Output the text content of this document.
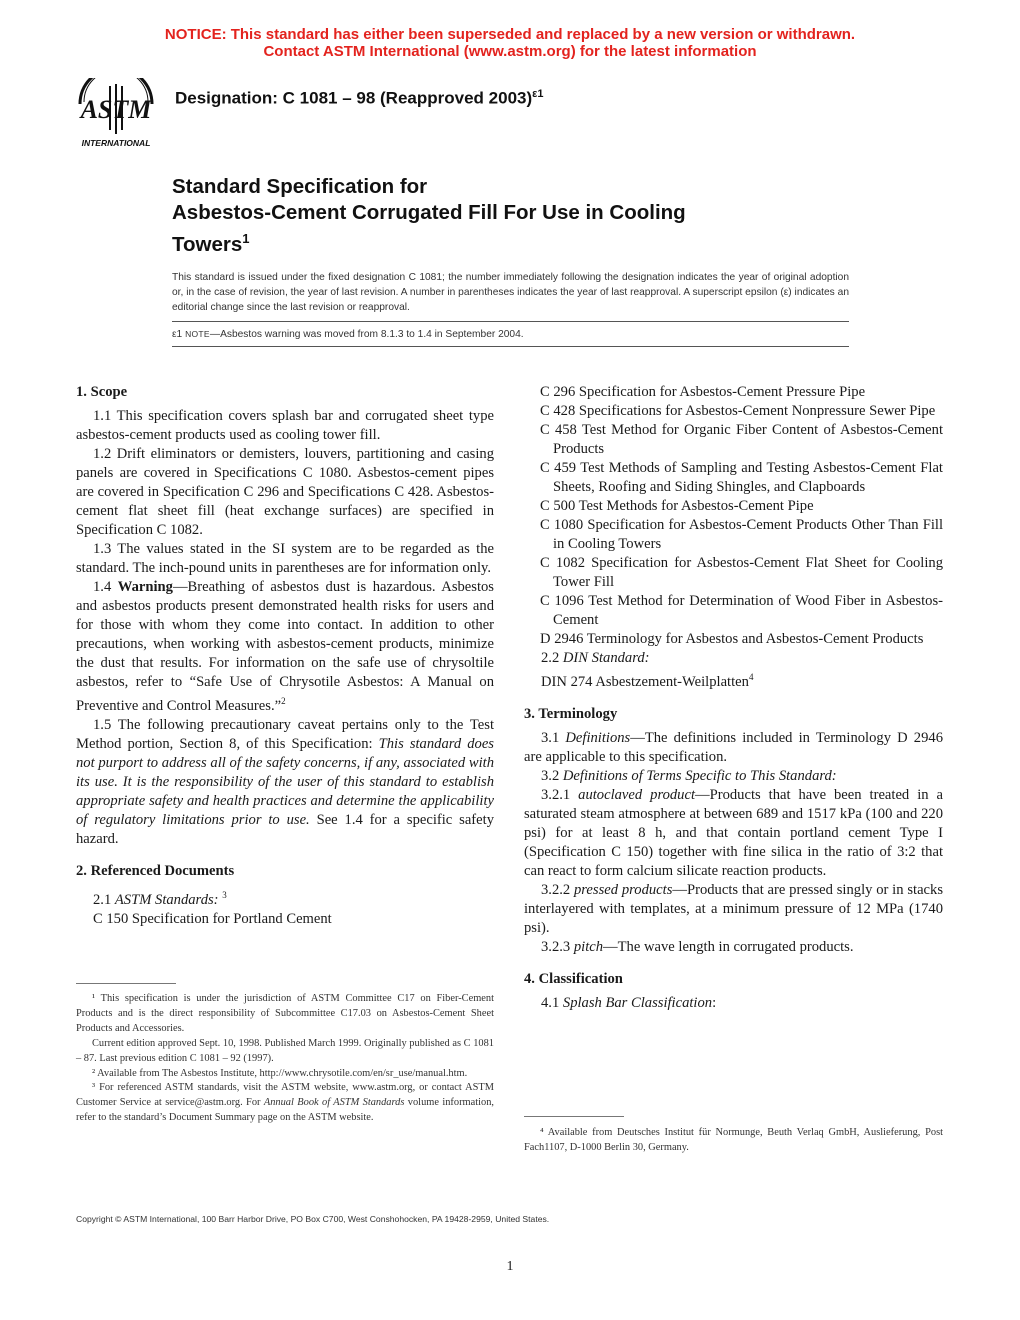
NOTICE: This standard has either been superseded and replaced by a new version or withdrawn.
Contact ASTM International (www.astm.org) for the latest information
ASTM
INTERNATIONAL
Designation: C 1081 – 98 (Reapproved 2003)$^{\varepsilon 1}$
Standard Specification for
Asbestos-Cement Corrugated Fill For Use in Cooling
Towers$^1$
This standard is issued under the fixed designation C 1081; the number immediately following the designation indicates the year of original adoption or, in the case of revision, the year of last revision. A number in parentheses indicates the year of last reapproval. A superscript epsilon (ε) indicates an editorial change since the last revision or reapproval.
ε1 NOTE—Asbestos warning was moved from 8.1.3 to 1.4 in September 2004.

1. Scope

1.1 This specification covers splash bar and corrugated sheet type asbestos-cement products used as cooling tower fill.

1.2 Drift eliminators or demisters, louvers, partitioning and casing panels are covered in Specifications C 1080. Asbestos-cement pipes are covered in Specification C 296 and Specifications C 428. Asbestos-cement flat sheet fill (heat exchange surfaces) are specified in Specification C 1082.

1.3 The values stated in the SI system are to be regarded as the standard. The inch-pound units in parentheses are for information only.

1.4 Warning—Breathing of asbestos dust is hazardous. Asbestos and asbestos products present demonstrated health risks for users and for those with whom they come into contact. In addition to other precautions, when working with asbestos-cement products, minimize the dust that results. For information on the safe use of chrysoltile asbestos, refer to “Safe Use of Chrysotile Asbestos: A Manual on Preventive and Control Measures.”$^2$

1.5 The following precautionary caveat pertains only to the Test Method portion, Section 8, of this Specification: This standard does not purport to address all of the safety concerns, if any, associated with its use. It is the responsibility of the user of this standard to establish appropriate safety and health practices and determine the applicability of regulatory limitations prior to use. See 1.4 for a specific safety hazard.

2. Referenced Documents

2.1 ASTM Standards: $^3$

C 150 Specification for Portland Cement

¹ This specification is under the jurisdiction of ASTM Committee C17 on Fiber-Cement Products and is the direct responsibility of Subcommittee C17.03 on Asbestos-Cement Sheet Products and Accessories.

Current edition approved Sept. 10, 1998. Published March 1999. Originally published as C 1081 – 87. Last previous edition C 1081 – 92 (1997).

² Available from The Asbestos Institute, http://www.chrysotile.com/en/sr_use/manual.htm.

³ For referenced ASTM standards, visit the ASTM website, www.astm.org, or contact ASTM Customer Service at service@astm.org. For Annual Book of ASTM Standards volume information, refer to the standard’s Document Summary page on the ASTM website.

C 296 Specification for Asbestos-Cement Pressure Pipe

C 428 Specifications for Asbestos-Cement Nonpressure Sewer Pipe

C 458 Test Method for Organic Fiber Content of Asbestos-Cement Products

C 459 Test Methods of Sampling and Testing Asbestos-Cement Flat Sheets, Roofing and Siding Shingles, and Clapboards

C 500 Test Methods for Asbestos-Cement Pipe

C 1080 Specification for Asbestos-Cement Products Other Than Fill in Cooling Towers

C 1082 Specification for Asbestos-Cement Flat Sheet for Cooling Tower Fill

C 1096 Test Method for Determination of Wood Fiber in Asbestos-Cement

D 2946 Terminology for Asbestos and Asbestos-Cement Products

2.2 DIN Standard:

DIN 274 Asbestzement-Weilplatten$^4$

3. Terminology

3.1 Definitions—The definitions included in Terminology D 2946 are applicable to this specification.

3.2 Definitions of Terms Specific to This Standard:

3.2.1 autoclaved product—Products that have been treated in a saturated steam atmosphere at between 689 and 1517 kPa (100 and 220 psi) for at least 8 h, and that contain portland cement Type I (Specification C 150) together with fine silica in the ratio of 3:2 that can react to form calcium silicate reaction products.

3.2.2 pressed products—Products that are pressed singly or in stacks interlayered with templates, at a minimum pressure of 12 MPa (1740 psi).

3.2.3 pitch—The wave length in corrugated products.

4. Classification

4.1 Splash Bar Classification:

⁴ Available from Deutsches Institut für Normunge, Beuth Verlaq GmbH, Auslieferung, Post Fach1107, D-1000 Berlin 30, Germany.

Copyright © ASTM International, 100 Barr Harbor Drive, PO Box C700, West Conshohocken, PA 19428-2959, United States.
1
